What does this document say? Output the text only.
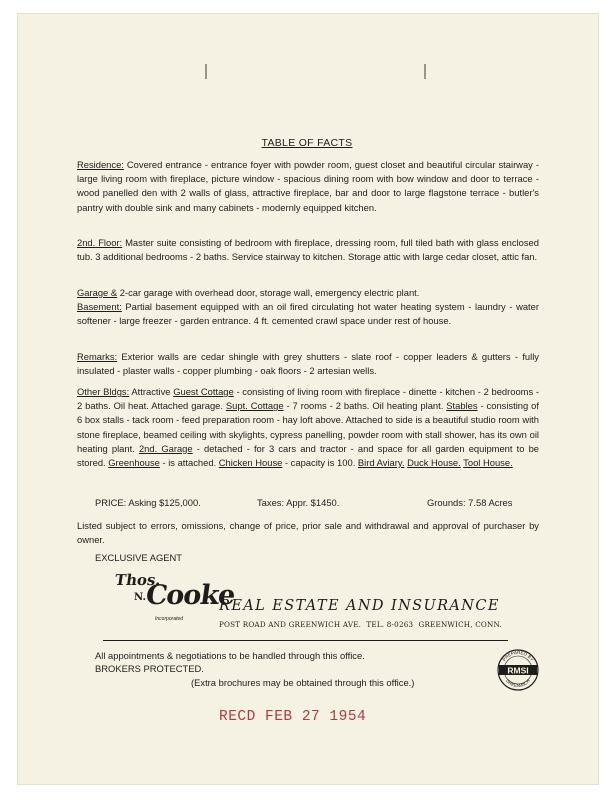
TABLE OF FACTS
Residence: Covered entrance - entrance foyer with powder room, guest closet and beautiful circular stairway - large living room with fireplace, picture window - spacious dining room with bow window and door to terrace - wood panelled den with 2 walls of glass, attractive fireplace, bar and door to large flagstone terrace - butler's pantry with double sink and many cabinets - modernly equipped kitchen.
2nd. Floor: Master suite consisting of bedroom with fireplace, dressing room, full tiled bath with glass enclosed tub. 3 additional bedrooms - 2 baths. Service stairway to kitchen. Storage attic with large cedar closet, attic fan.
Garage & 2-car garage with overhead door, storage wall, emergency electric plant.
Basement: Partial basement equipped with an oil fired circulating hot water heating system - laundry - water softener - large freezer - garden entrance. 4 ft. cemented crawl space under rest of house.
Remarks: Exterior walls are cedar shingle with grey shutters - slate roof - copper leaders & gutters - fully insulated - plaster walls - copper plumbing - oak floors - 2 artesian wells.
Other Bldgs: Attractive Guest Cottage - consisting of living room with fireplace - dinette - kitchen - 2 bedrooms - 2 baths. Oil heat. Attached garage. Supt. Cottage - 7 rooms - 2 baths. Oil heating plant. Stables - consisting of 6 box stalls - tack room - feed preparation room - hay loft above. Attached to side is a beautiful studio room with stone fireplace, beamed ceiling with skylights, cypress panelling, powder room with stall shower, has its own oil heating plant. 2nd. Garage - detached - for 3 cars and tractor - and space for all garden equipment to be stored. Greenhouse - is attached. Chicken House - capacity is 100. Bird Aviary. Duck House. Tool House.
PRICE: Asking $125,000.	Taxes: Appr. $1450.	Grounds: 7.58 Acres
Listed subject to errors, omissions, change of price, prior sale and withdrawal and approval of purchaser by owner.
EXCLUSIVE AGENT
Thos.
N.
Cooke
Incorporated
REAL ESTATE AND INSURANCE
POST ROAD AND GREENWICH AVE. TEL. 8-0263 GREENWICH, CONN.
All appointments & negotiations to be handled through this office.
BROKERS PROTECTED.
(Extra brochures may be obtained through this office.)
PREPARED BY
RMSI
GREENWICH
RECD FEB 27 1954
